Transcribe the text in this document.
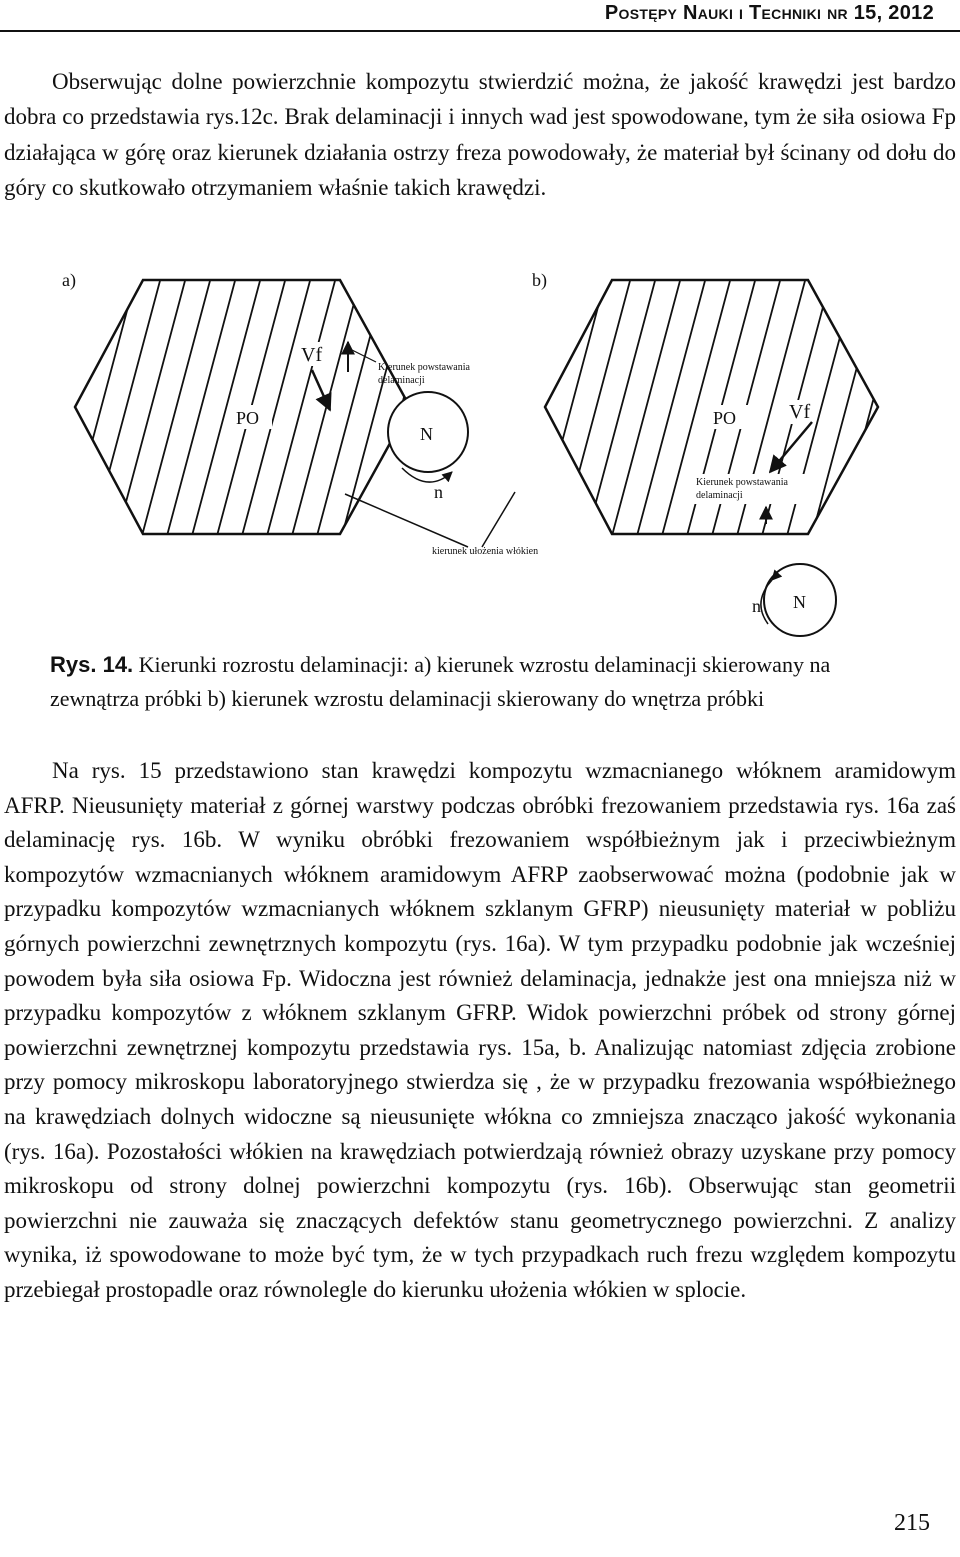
Postępy Nauki i Techniki nr 15, 2012

Obserwując dolne powierzchnie kompozytu stwierdzić można, że jakość krawędzi jest bardzo dobra co przedstawia rys.12c. Brak delaminacji i innych wad jest spowodowane, tym że siła osiowa Fp działająca w górę oraz kierunek działania ostrzy freza powodowały, że materiał był ścinany od dołu do góry co skutkowało otrzymaniem właśnie takich krawędzi.

a)
N
PO
Vf
Kierunek powstawania
delaminacji
n
kierunek ułożenia włókien
b)
PO	Vf
Kierunek powstawania
delaminacji
N
n

Rys. 14. Kierunki rozrostu delaminacji: a) kierunek wzrostu delaminacji skierowany na zewnątrza próbki b) kierunek wzrostu delaminacji skierowany do wnętrza próbki

Na rys. 15 przedstawiono stan krawędzi kompozytu wzmacnianego włóknem aramidowym AFRP. Nieusunięty materiał z górnej warstwy podczas obróbki frezowaniem przedstawia rys. 16a zaś delaminację rys. 16b. W wyniku obróbki frezowaniem współbieżnym jak i przeciwbieżnym kompozytów wzmacnianych włóknem aramidowym AFRP zaobserwować można (podobnie jak w przypadku kompozytów wzmacnianych włóknem szklanym GFRP) nieusunięty materiał w pobliżu górnych powierzchni zewnętrznych kompozytu (rys. 16a). W tym przypadku podobnie jak wcześniej powodem była siła osiowa Fp. Widoczna jest również delaminacja, jednakże jest ona mniejsza niż w przypadku kompozytów z włóknem szklanym GFRP. Widok powierzchni próbek od strony górnej powierzchni zewnętrznej kompozytu przedstawia rys. 15a, b. Analizując natomiast zdjęcia zrobione przy pomocy mikroskopu laboratoryjnego stwierdza się , że w przypadku frezowania współbieżnego na krawędziach dolnych widoczne są nieusunięte włókna co zmniejsza znacząco jakość wykonania (rys. 16a). Pozostałości włókien na krawędziach potwierdzają również obrazy uzyskane przy pomocy mikroskopu od strony dolnej powierzchni kompozytu (rys. 16b). Obserwując stan geometrii powierzchni nie zauważa się znaczących defektów stanu geometrycznego powierzchni. Z analizy wynika, iż spowodowane to może być tym, że w tych przypadkach ruch frezu względem kompozytu przebiegał prostopadle oraz równolegle do kierunku ułożenia włókien w splocie.

215
